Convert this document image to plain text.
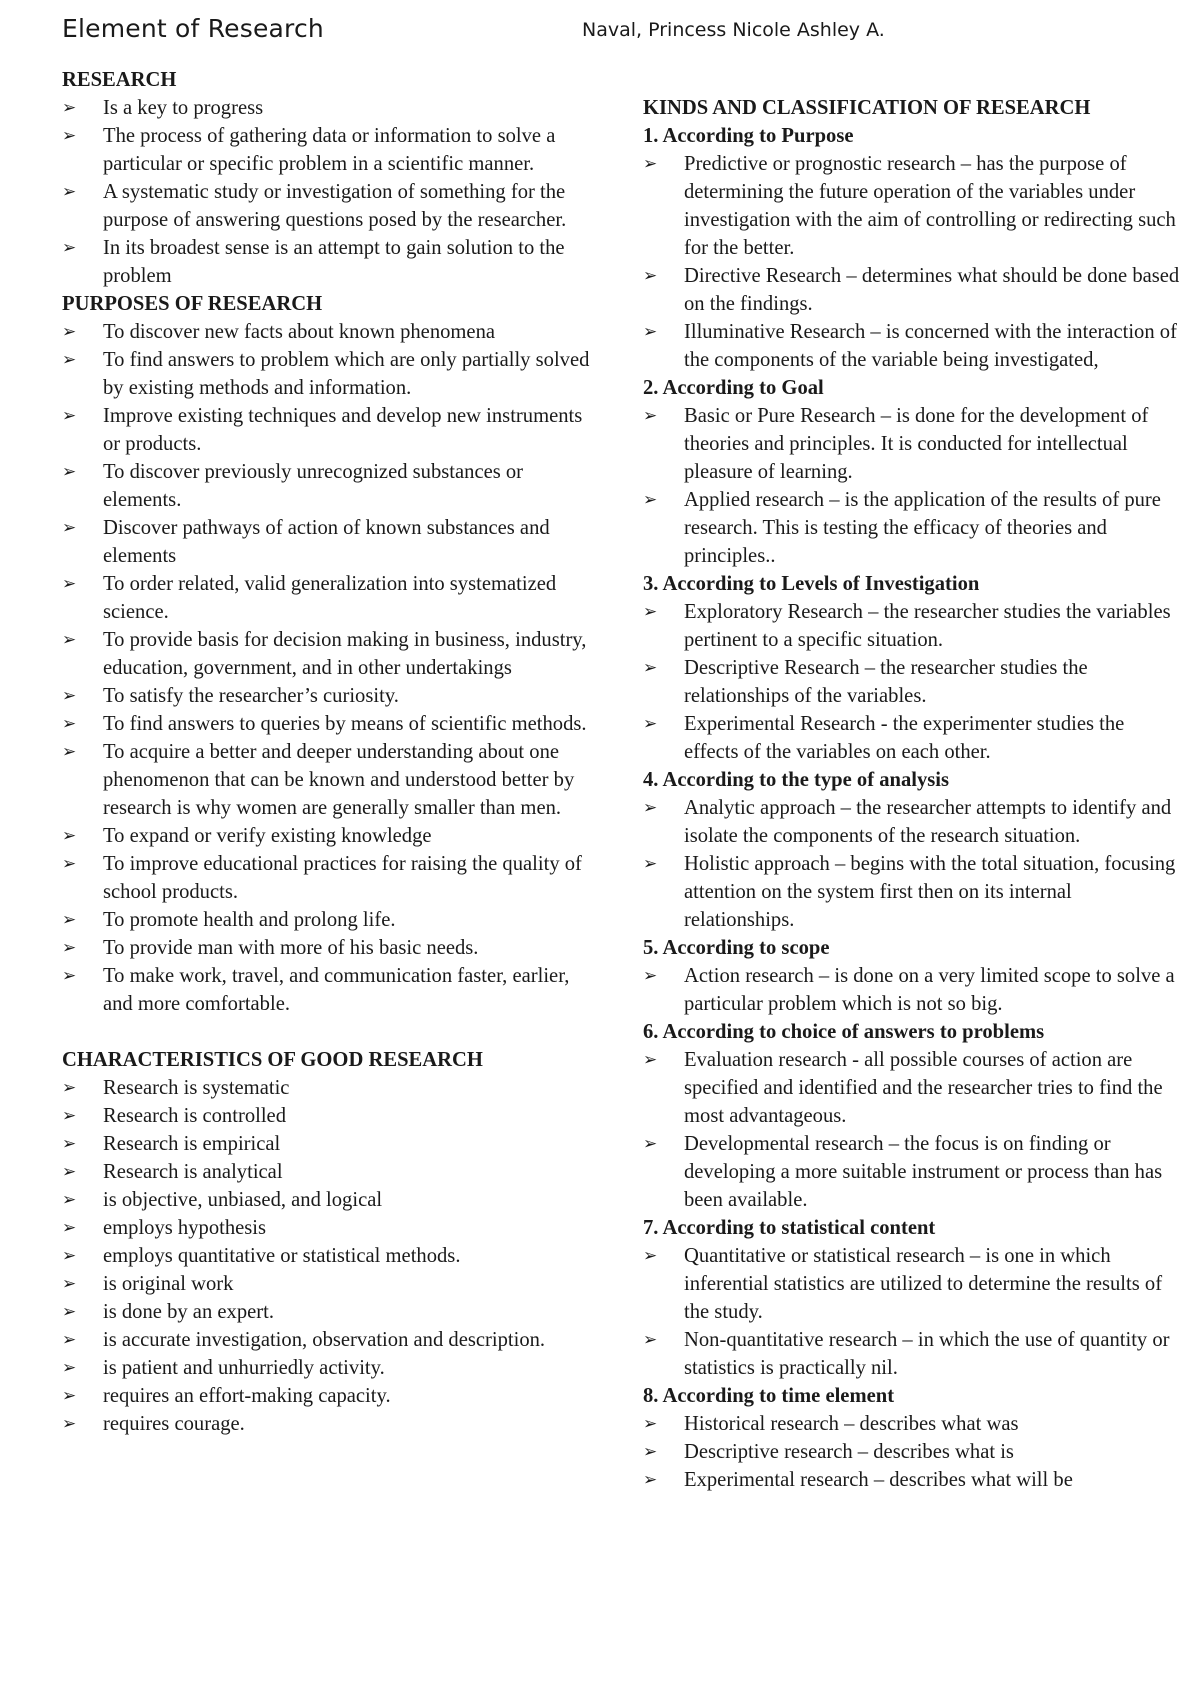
Element of Research	Naval, Princess Nicole Ashley A.
RESEARCH
➢ Is a key to progress
➢ The process of gathering data or information to solve a particular or specific problem in a scientific manner.
➢ A systematic study or investigation of something for the purpose of answering questions posed by the researcher.
➢ In its broadest sense is an attempt to gain solution to the problem
PURPOSES OF RESEARCH
➢ To discover new facts about known phenomena
➢ To find answers to problem which are only partially solved by existing methods and information.
➢ Improve existing techniques and develop new instruments or products.
➢ To discover previously unrecognized substances or elements.
➢ Discover pathways of action of known substances and elements
➢ To order related, valid generalization into systematized science.
➢ To provide basis for decision making in business, industry, education, government, and in other undertakings
➢ To satisfy the researcher’s curiosity.
➢ To find answers to queries by means of scientific methods.
➢ To acquire a better and deeper understanding about one phenomenon that can be known and understood better by research is why women are generally smaller than men.
➢ To expand or verify existing knowledge
➢ To improve educational practices for raising the quality of school products.
➢ To promote health and prolong life.
➢ To provide man with more of his basic needs.
➢ To make work, travel, and communication faster, earlier, and more comfortable.
CHARACTERISTICS OF GOOD RESEARCH
➢ Research is systematic
➢ Research is controlled
➢ Research is empirical
➢ Research is analytical
➢ is objective, unbiased, and logical
➢ employs hypothesis
➢ employs quantitative or statistical methods.
➢ is original work
➢ is done by an expert.
➢ is accurate investigation, observation and description.
➢ is patient and unhurriedly activity.
➢ requires an effort-making capacity.
➢ requires courage.
KINDS AND CLASSIFICATION OF RESEARCH
1. According to Purpose
➢ Predictive or prognostic research – has the purpose of determining the future operation of the variables under investigation with the aim of controlling or redirecting such for the better.
➢ Directive Research – determines what should be done based on the findings.
➢ Illuminative Research – is concerned with the interaction of the components of the variable being investigated,
2. According to Goal
➢ Basic or Pure Research – is done for the development of theories and principles. It is conducted for intellectual pleasure of learning.
➢ Applied research – is the application of the results of pure research. This is testing the efficacy of theories and principles..
3. According to Levels of Investigation
➢ Exploratory Research – the researcher studies the variables pertinent to a specific situation.
➢ Descriptive Research – the researcher studies the relationships of the variables.
➢ Experimental Research - the experimenter studies the effects of the variables on each other.
4. According to the type of analysis
➢ Analytic approach – the researcher attempts to identify and isolate the components of the research situation.
➢ Holistic approach – begins with the total situation, focusing attention on the system first then on its internal relationships.
5. According to scope
➢ Action research – is done on a very limited scope to solve a particular problem which is not so big.
6. According to choice of answers to problems
➢ Evaluation research - all possible courses of action are specified and identified and the researcher tries to find the most advantageous.
➢ Developmental research – the focus is on finding or developing a more suitable instrument or process than has been available.
7. According to statistical content
➢ Quantitative or statistical research – is one in which inferential statistics are utilized to determine the results of the study.
➢ Non-quantitative research – in which the use of quantity or statistics is practically nil.
8. According to time element
➢ Historical research – describes what was
➢ Descriptive research – describes what is
➢ Experimental research – describes what will be
